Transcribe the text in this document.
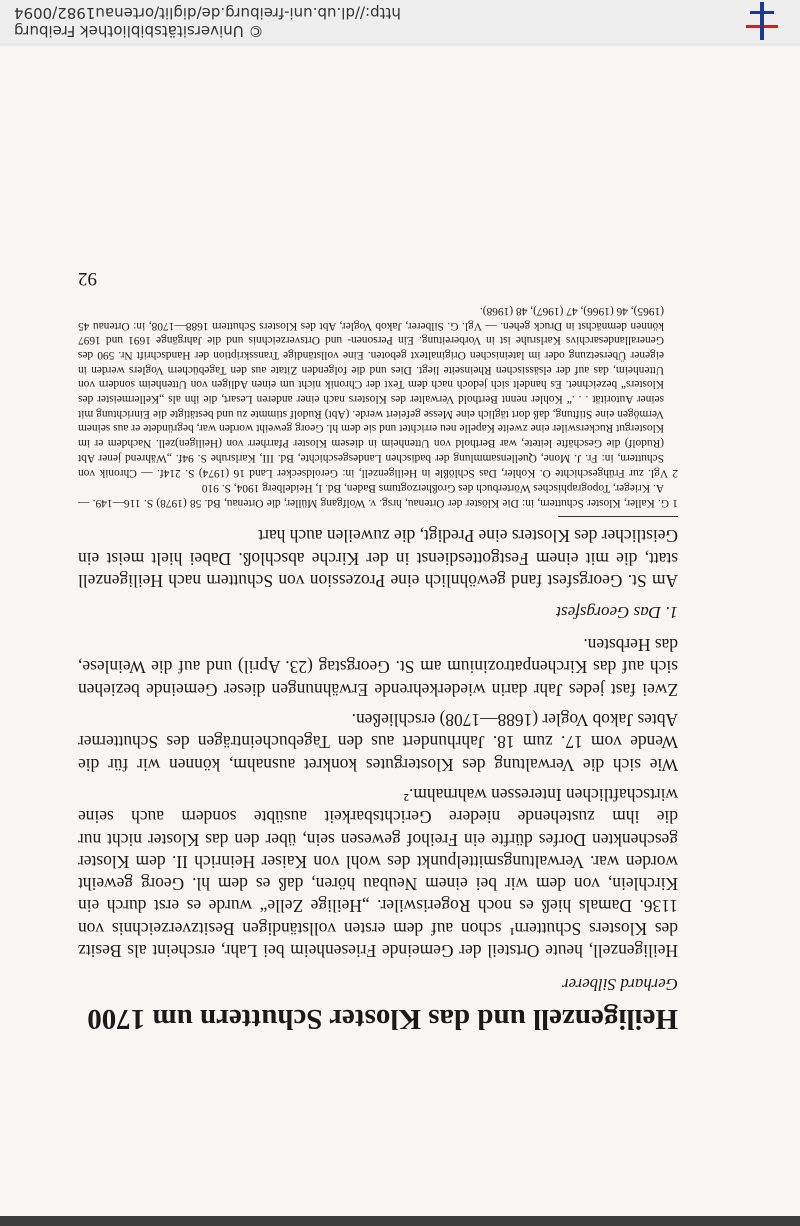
Heiligenzell und das Kloster Schuttern um 1700
Gerhard Silberer

Heiligenzell, heute Ortsteil der Gemeinde Friesenheim bei Lahr, erscheint als Besitz des Klosters Schuttern¹ schon auf dem ersten vollständigen Besitzverzeichnis von 1136. Damals hieß es noch Rogeriswiler. „Heilige Zelle“ wurde es erst durch ein Kirchlein, von dem wir bei einem Neubau hören, daß es dem hl. Georg geweiht worden war. Verwaltungsmittelpunkt des wohl von Kaiser Heinrich II. dem Kloster geschenkten Dorfes dürfte ein Freihof gewesen sein, über den das Kloster nicht nur die ihm zustehende niedere Gerichtsbarkeit ausübte sondern auch seine wirtschaftlichen Interessen wahrnahm.²

Wie sich die Verwaltung des Klostergutes konkret ausnahm, können wir für die Wende vom 17. zum 18. Jahrhundert aus den Tagebucheinträgen des Schutterner Abtes Jakob Vogler (1688—1708) erschließen.

Zwei fast jedes Jahr darin wiederkehrende Erwähnungen dieser Gemeinde beziehen sich auf das Kirchenpatrozinium am St. Georgstag (23. April) und auf die Weinlese, das Herbsten.

1. Das Georgsfest

Am St. Georgsfest fand gewöhnlich eine Prozession von Schuttern nach Heiligenzell statt, die mit einem Festgottesdienst in der Kirche abschloß. Dabei hielt meist ein Geistlicher des Klosters eine Predigt, die zuweilen auch hart

1 G. Kaller, Kloster Schuttern, in: Die Klöster der Ortenau, hrsg. v. Wolfgang Müller, die Ortenau, Bd. 58 (1978) S. 116—149. — A. Krieger, Topographisches Wörterbuch des Großherzogtums Baden, Bd. I, Heidelberg 1904, S. 910

2 Vgl. zur Frühgeschichte O. Kohler, Das Schlößle in Heiligenzell, in: Geroldsecker Land 16 (1974) S. 214f. — Chronik von Schuttern, in: Fr. J. Mone, Quellensammlung der badischen Landesgeschichte, Bd. III, Karlsruhe S. 94f. „Während jener Abt (Rudolf) die Geschäfte leitete, war Berthold von Uttenheim in diesem Kloster Pfarrherr von (Heiligen)zell. Nachdem er im Klostergut Ruckerswiler eine zweite Kapelle neu errichtet und sie dem hl. Georg geweiht worden war, begründete er aus seinem Vermögen eine Stiftung, daß dort täglich eine Messe gefeiert werde. (Abt) Rudolf stimmte zu und bestätigte die Einrichtung mit seiner Autorität . . .“ Kohler nennt Berthold Verwalter des Klosters nach einer anderen Lesart, die ihn als „Kellermeister des Klosters“ bezeichnet. Es handelt sich jedoch nach dem Text der Chronik nicht um einen Adligen von Uttenheim sondern von Uttenheim, das auf der elsässischen Rheinseite liegt. Dies und die folgenden Zitate aus den Tagebüchern Voglers werden in eigener Übersetzung oder im lateinischen Originaltext geboten. Eine vollständige Transskription der Handschrift Nr. 590 des Generallandesarchivs Karlsruhe ist in Vorbereitung. Ein Personen- und Ortsverzeichnis und die Jahrgänge 1691 und 1697 können demnächst in Druck gehen. — Vgl. G. Silberer, Jakob Vogler, Abt des Klosters Schuttern 1688—1708, in: Ortenau 45 (1965), 46 (1966), 47 (1967), 48 (1968).

92
© Universitätsbibliothek Freiburg
http://dl.ub.uni-freiburg.de/diglit/ortenau1982/0094
